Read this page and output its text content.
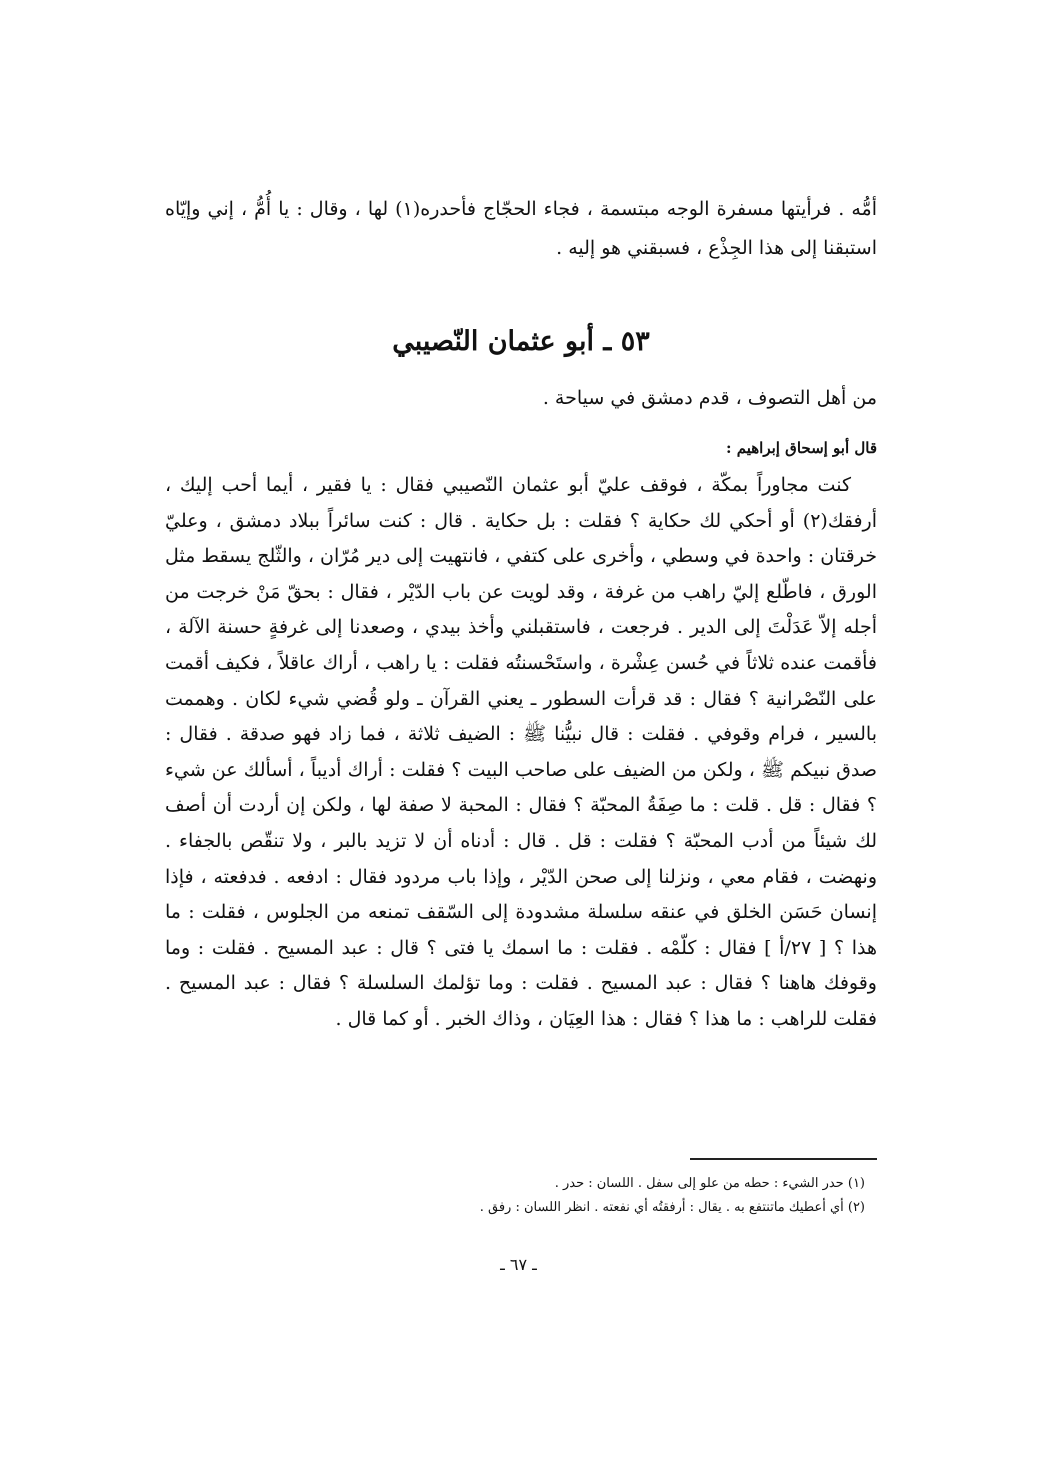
أمُّه . فرأيتها مسفرة الوجه مبتسمة ، فجاء الحجّاج فأحدره(١) لها ، وقال : يا أُمُّ ، إني وإيّاه استبقنا إلى هذا الجِذْع ، فسبقني هو إليه .

٥٣ ـ أبو عثمان النّصيبي
من أهل التصوف ، قدم دمشق في سياحة .
قال أبو إسحاق إبراهيم :

كنت مجاوراً بمكّة ، فوقف عليّ أبو عثمان النّصيبي فقال : يا فقير ، أيما أحب إليك ، أرفقك(٢) أو أحكي لك حكاية ؟ فقلت : بل حكاية . قال : كنت سائراً ببلاد دمشق ، وعليّ خرقتان : واحدة في وسطي ، وأخرى على كتفي ، فانتهيت إلى دير مُرّان ، والثّلج يسقط مثل الورق ، فاطّلع إليّ راهب من غرفة ، وقد لويت عن باب الدّيْر ، فقال : بحقّ مَنْ خرجت من أجله إلاّ عَدَلْتَ إلى الدير . فرجعت ، فاستقبلني وأخذ بيدي ، وصعدنا إلى غرفةٍ حسنة الآلة ، فأقمت عنده ثلاثاً في حُسن عِشْرة ، واستَحْسنتُه فقلت : يا راهب ، أراك عاقلاً ، فكيف أقمت على النّصْرانية ؟ فقال : قد قرأت السطور ـ يعني القرآن ـ ولو قُضي شيء لكان . وهممت بالسير ، فرام وقوفي . فقلت : قال نبيُّنا ﷺ : الضيف ثلاثة ، فما زاد فهو صدقة . فقال : صدق نبيكم ﷺ ، ولكن من الضيف على صاحب البيت ؟ فقلت : أراك أديباً ، أسألك عن شيء ؟ فقال : قل . قلت : ما صِفَةُ المحبّة ؟ فقال : المحبة لا صفة لها ، ولكن إن أردت أن أصف لك شيئاً من أدب المحبّة ؟ فقلت : قل . قال : أدناه أن لا تزيد بالبر ، ولا تنقّص بالجفاء . ونهضت ، فقام معي ، ونزلنا إلى صحن الدّيْر ، وإذا باب مردود فقال : ادفعه . فدفعته ، فإذا إنسان حَسَن الخلق في عنقه سلسلة مشدودة إلى السّقف تمنعه من الجلوس ، فقلت : ما هذا ؟ [ ٢٧/أ ] فقال : كلّمْه . فقلت : ما اسمك يا فتى ؟ قال : عبد المسيح . فقلت : وما وقوفك هاهنا ؟ فقال : عبد المسيح . فقلت : وما تؤلمك السلسلة ؟ فقال : عبد المسيح . فقلت للراهب : ما هذا ؟ فقال : هذا العِيَان ، وذاك الخبر . أو كما قال .

(١) حدر الشيء : حطه من علو إلى سفل . اللسان : حدر .
(٢) أي أعطيك ماتنتفع به . يقال : أرفقتُه أي نفعته . انظر اللسان : رفق .
ـ ٦٧ ـ
